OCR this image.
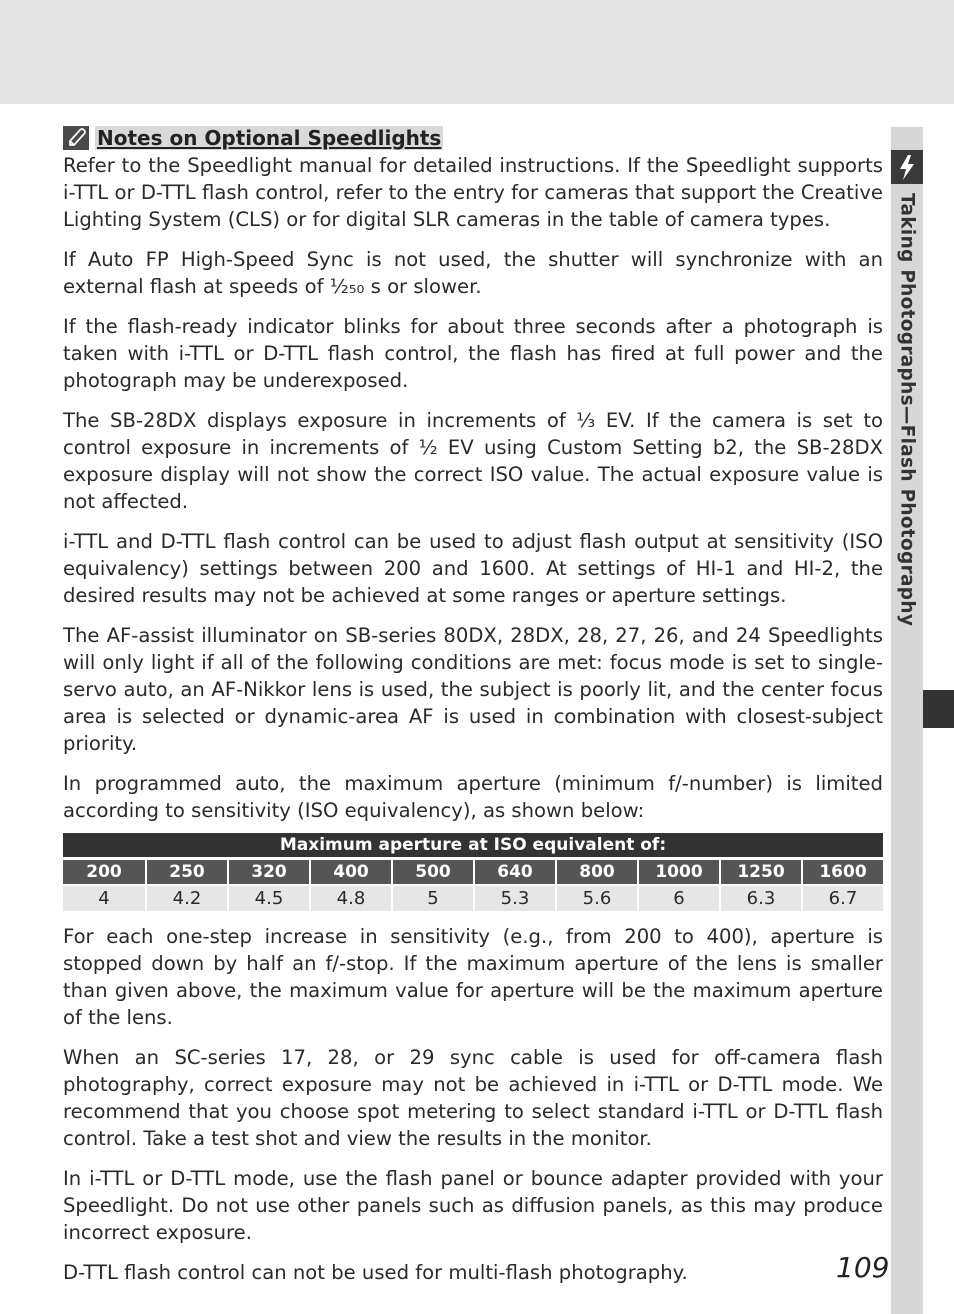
Taking Photographs—Flash Photography
Notes on Optional Speedlights

Refer to the Speedlight manual for detailed instructions. If the Speedlight supports i-TTL or D-TTL flash control, refer to the entry for cameras that support the Creative Lighting System (CLS) or for digital SLR cameras in the table of camera types.

If Auto FP High-Speed Sync is not used, the shutter will synchronize with an external flash at speeds of ¹⁄₂₅₀ s or slower.

If the flash-ready indicator blinks for about three seconds after a photograph is taken with i-TTL or D-TTL flash control, the flash has fired at full power and the photograph may be underexposed.

The SB-28DX displays exposure in increments of ¹⁄₃ EV. If the camera is set to control exposure in increments of ¹⁄₂ EV using Custom Setting b2, the SB-28DX exposure display will not show the correct ISO value. The actual exposure value is not affected.

i-TTL and D-TTL flash control can be used to adjust flash output at sensitivity (ISO equivalency) settings between 200 and 1600. At settings of HI-1 and HI-2, the desired results may not be achieved at some ranges or aperture settings.

The AF-assist illuminator on SB-series 80DX, 28DX, 28, 27, 26, and 24 Speedlights will only light if all of the following conditions are met: focus mode is set to single-servo auto, an AF-Nikkor lens is used, the subject is poorly lit, and the center focus area is selected or dynamic-area AF is used in combination with closest-subject priority.

In programmed auto, the maximum aperture (minimum f/-number) is limited according to sensitivity (ISO equivalency), as shown below:

Maximum aperture at ISO equivalent of:									
200	250	320	400	500	640	800	1000	1250	1600
4	4.2	4.5	4.8	5	5.3	5.6	6	6.3	6.7

For each one-step increase in sensitivity (e.g., from 200 to 400), aperture is stopped down by half an f/-stop. If the maximum aperture of the lens is smaller than given above, the maximum value for aperture will be the maximum aperture of the lens.

When an SC-series 17, 28, or 29 sync cable is used for off-camera flash photography, correct exposure may not be achieved in i-TTL or D-TTL mode. We recommend that you choose spot metering to select standard i-TTL or D-TTL flash control. Take a test shot and view the results in the monitor.

In i-TTL or D-TTL mode, use the flash panel or bounce adapter provided with your Speedlight. Do not use other panels such as diffusion panels, as this may produce incorrect exposure.

D-TTL flash control can not be used for multi-flash photography.	109
